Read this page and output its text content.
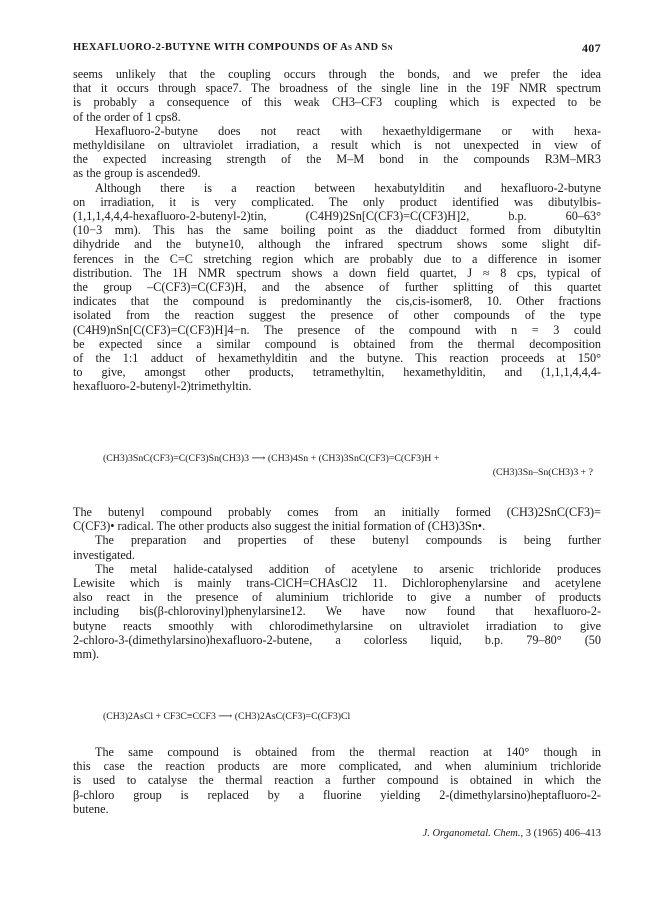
HEXAFLUORO-2-BUTYNE WITH COMPOUNDS OF As AND Sn	407
seems unlikely that the coupling occurs through the bonds, and we prefer the idea
that it occurs through space7. The broadness of the single line in the 19F NMR spectrum
is probably a consequence of this weak CH3–CF3 coupling which is expected to be
of the order of 1 cps8.
Hexafluoro-2-butyne does not react with hexaethyldigermane or with hexa-
methyldisilane on ultraviolet irradiation, a result which is not unexpected in view of
the expected increasing strength of the M–M bond in the compounds R3M–MR3
as the group is ascended9.
Although there is a reaction between hexabutylditin and hexafluoro-2-butyne
on irradiation, it is very complicated. The only product identified was dibutylbis-
(1,1,1,4,4,4-hexafluoro-2-butenyl-2)tin, (C4H9)2Sn[C(CF3)=C(CF3)H]2, b.p. 60–63°
(10−3 mm). This has the same boiling point as the diadduct formed from dibutyltin
dihydride and the butyne10, although the infrared spectrum shows some slight dif-
ferences in the C=C stretching region which are probably due to a difference in isomer
distribution. The 1H NMR spectrum shows a down field quartet, J ≈ 8 cps, typical of
the group –C(CF3)=C(CF3)H, and the absence of further splitting of this quartet
indicates that the compound is predominantly the cis,cis-isomer8, 10. Other fractions
isolated from the reaction suggest the presence of other compounds of the type
(C4H9)nSn[C(CF3)=C(CF3)H]4−n. The presence of the compound with n = 3 could
be expected since a similar compound is obtained from the thermal decomposition
of the 1:1 adduct of hexamethylditin and the butyne. This reaction proceeds at 150°
to give, amongst other products, tetramethyltin, hexamethylditin, and (1,1,1,4,4,4-
hexafluoro-2-butenyl-2)trimethyltin.
(CH3)3SnC(CF3)=C(CF3)Sn(CH3)3 ⟶ (CH3)4Sn + (CH3)3SnC(CF3)=C(CF3)H +
(CH3)3Sn–Sn(CH3)3 + ?
The butenyl compound probably comes from an initially formed (CH3)2SnC(CF3)=
C(CF3)• radical. The other products also suggest the initial formation of (CH3)3Sn•.
The preparation and properties of these butenyl compounds is being further
investigated.
The metal halide-catalysed addition of acetylene to arsenic trichloride produces
Lewisite which is mainly trans-ClCH=CHAsCl2 11. Dichlorophenylarsine and acetylene
also react in the presence of aluminium trichloride to give a number of products
including bis(β-chlorovinyl)phenylarsine12. We have now found that hexafluoro-2-
butyne reacts smoothly with chlorodimethylarsine on ultraviolet irradiation to give
2-chloro-3-(dimethylarsino)hexafluoro-2-butene, a colorless liquid, b.p. 79–80° (50
mm).
(CH3)2AsCl + CF3C≡CCF3 ⟶ (CH3)2AsC(CF3)=C(CF3)Cl
The same compound is obtained from the thermal reaction at 140° though in
this case the reaction products are more complicated, and when aluminium trichloride
is used to catalyse the thermal reaction a further compound is obtained in which the
β-chloro group is replaced by a fluorine yielding 2-(dimethylarsino)heptafluoro-2-
butene.
J. Organometal. Chem., 3 (1965) 406–413
